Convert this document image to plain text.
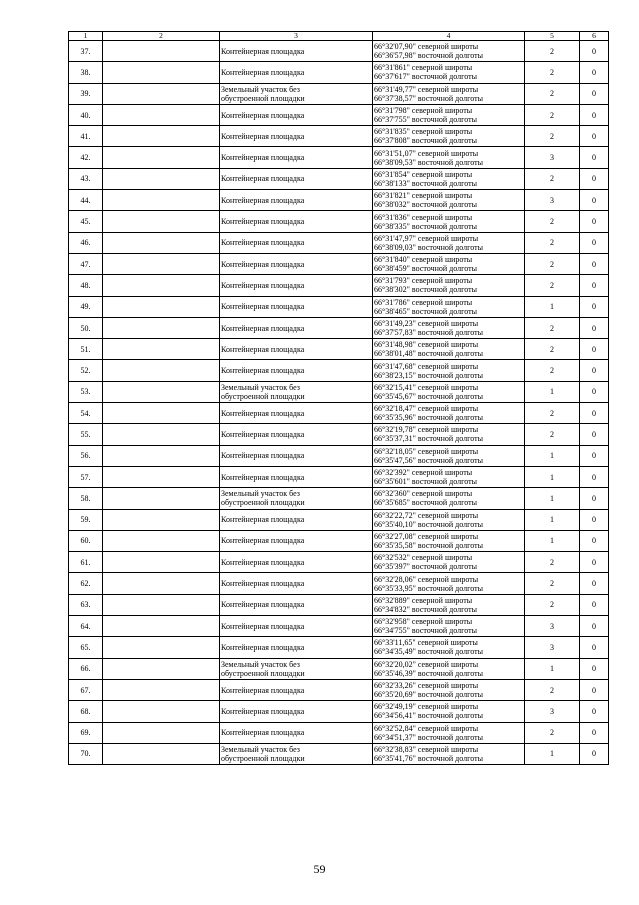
1	2	3	4	5	6
37.		Контейнерная площадка	66°32'07,90" северной широты
66°36'57,98" восточной долготы	2	0
38.		Контейнерная площадка	66°31'861" северной широты
66°37'617" восточной долготы	2	0
39.		Земельный участок без
обустроенной площадки	66°31'49,77" северной широты
66°37'38,57" восточной долготы	2	0
40.		Контейнерная площадка	66°31'798" северной широты
66°37'755" восточной долготы	2	0
41.		Контейнерная площадка	66°31'835" северной широты
66°37'808" восточной долготы	2	0
42.		Контейнерная площадка	66°31'51,07" северной широты
66°38'09,53" восточной долготы	3	0
43.		Контейнерная площадка	66°31'854" северной широты
66°38'133" восточной долготы	2	0
44.		Контейнерная площадка	66°31'821" северной широты
66°38'032" восточной долготы	3	0
45.		Контейнерная площадка	66°31'836" северной широты
66°38'335" восточной долготы	2	0
46.		Контейнерная площадка	66°31'47,97" северной широты
66°38'09,03" восточной долготы	2	0
47.		Контейнерная площадка	66°31'840" северной широты
66°38'459" восточной долготы	2	0
48.		Контейнерная площадка	66°31'793" северной широты
66°38'302" восточной долготы	2	0
49.		Контейнерная площадка	66°31'786" северной широты
66°38'465" восточной долготы	1	0
50.		Контейнерная площадка	66°31'49,23" северной широты
66°37'57,83" восточной долготы	2	0
51.		Контейнерная площадка	66°31'48,98" северной широты
66°38'01,48" восточной долготы	2	0
52.		Контейнерная площадка	66°31'47,68" северной широты
66°38'23,15" восточной долготы	2	0
53.		Земельный участок без
обустроенной площадки	66°32'15,41" северной широты
66°35'45,67" восточной долготы	1	0
54.		Контейнерная площадка	66°32'18,47" северной широты
66°35'35,96" восточной долготы	2	0
55.		Контейнерная площадка	66°32'19,78" северной широты
66°35'37,31" восточной долготы	2	0
56.		Контейнерная площадка	66°32'18,05" северной широты
66°35'47,56" восточной долготы	1	0
57.		Контейнерная площадка	66°32'392" северной широты
66°35'601" восточной долготы	1	0
58.		Земельный участок без
обустроенной площадки	66°32'360" северной широты
66°35'685" восточной долготы	1	0
59.		Контейнерная площадка	66°32'22,72" северной широты
66°35'40,10" восточной долготы	1	0
60.		Контейнерная площадка	66°32'27,08" северной широты
66°35'35,58" восточной долготы	1	0
61.		Контейнерная площадка	66°32'532" северной широты
66°35'397" восточной долготы	2	0
62.		Контейнерная площадка	66°32'28,06" северной широты
66°35'33,95" восточной долготы	2	0
63.		Контейнерная площадка	66°32'889" северной широты
66°34'832" восточной долготы	2	0
64.		Контейнерная площадка	66°32'958" северной широты
66°34'755" восточной долготы	3	0
65.		Контейнерная площадка	66°33'11,65" северной широты
66°34'35,49" восточной долготы	3	0
66.		Земельный участок без
обустроенной площадки	66°32'20,02" северной широты
66°35'46,39" восточной долготы	1	0
67.		Контейнерная площадка	66°32'33,26" северной широты
66°35'20,69" восточной долготы	2	0
68.		Контейнерная площадка	66°32'49,19" северной широты
66°34'56,41" восточной долготы	3	0
69.		Контейнерная площадка	66°32'52,84" северной широты
66°34'51,37" восточной долготы	2	0
70.		Земельный участок без
обустроенной площадки	66°32'38,83" северной широты
66°35'41,76" восточной долготы	1	0
59
